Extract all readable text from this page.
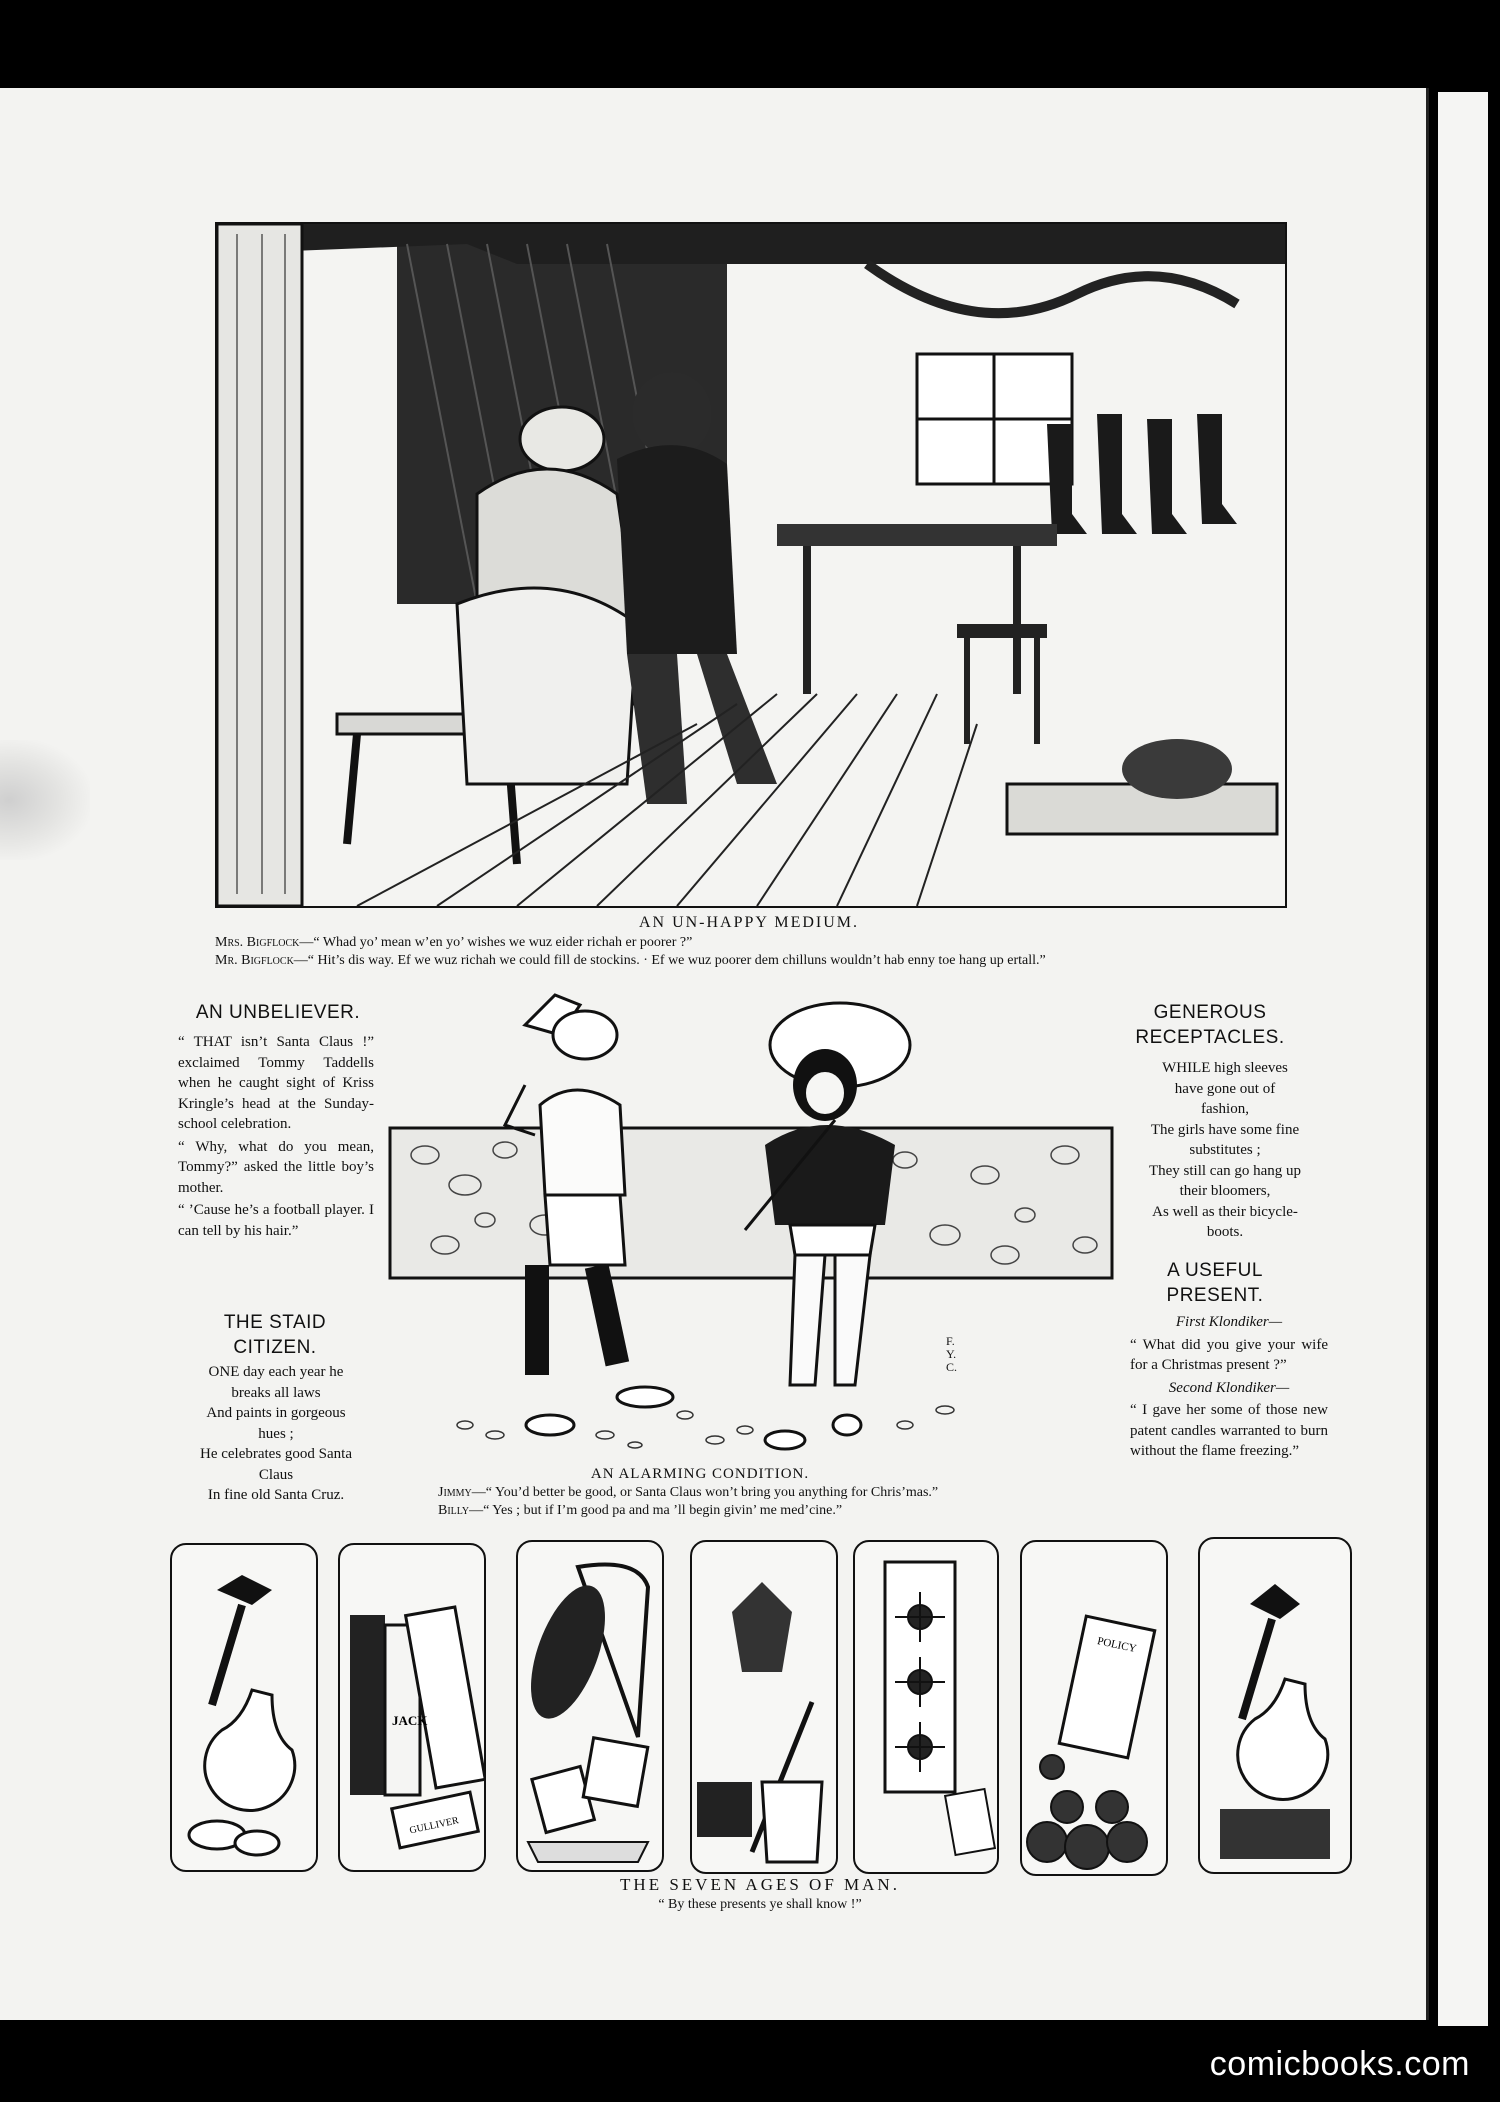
AN UN-HAPPY MEDIUM.
Mrs. Bigflock—“ Whad yo’ mean w’en yo’ wishes we wuz eider richah er poorer ?”
Mr. Bigflock—“ Hit’s dis way. Ef we wuz richah we could fill de stockins. · Ef we wuz poorer dem chilluns wouldn’t hab enny toe hang up ertall.”
AN UNBELIEVER.

“ THAT isn’t Santa Claus !” exclaimed Tommy Taddells when he caught sight of Kriss Kringle’s head at the Sunday-school celebration.

“ Why, what do you mean, Tommy?” asked the little boy’s mother.

“ ’Cause he’s a football player. I can tell by his hair.”

THE STAID CITIZEN.
ONE day each year he
breaks all laws
And paints in gorgeous
hues ;
He celebrates good Santa
Claus
In fine old Santa Cruz.
F.Y.C.
AN ALARMING CONDITION.
Jimmy—“ You’d better be good, or Santa Claus won’t bring you anything for Chris’mas.”
Billy—“ Yes ; but if I’m good pa and ma ’ll begin givin’ me med’cine.”
GENEROUS RECEPTACLES.
WHILE high sleeves
have gone out of
fashion,
The girls have some fine
substitutes ;
They still can go hang up
their bloomers,
As well as their bicycle-
boots.
A USEFUL PRESENT.

First Klondiker—

“ What did you give your wife for a Christmas present ?”

Second Klondiker—

“ I gave her some of those new patent candles warranted to burn without the flame freezing.”

JACK
GULLIVER
POLICY
THE SEVEN AGES OF MAN.
“ By these presents ye shall know !”
comicbooks.com
